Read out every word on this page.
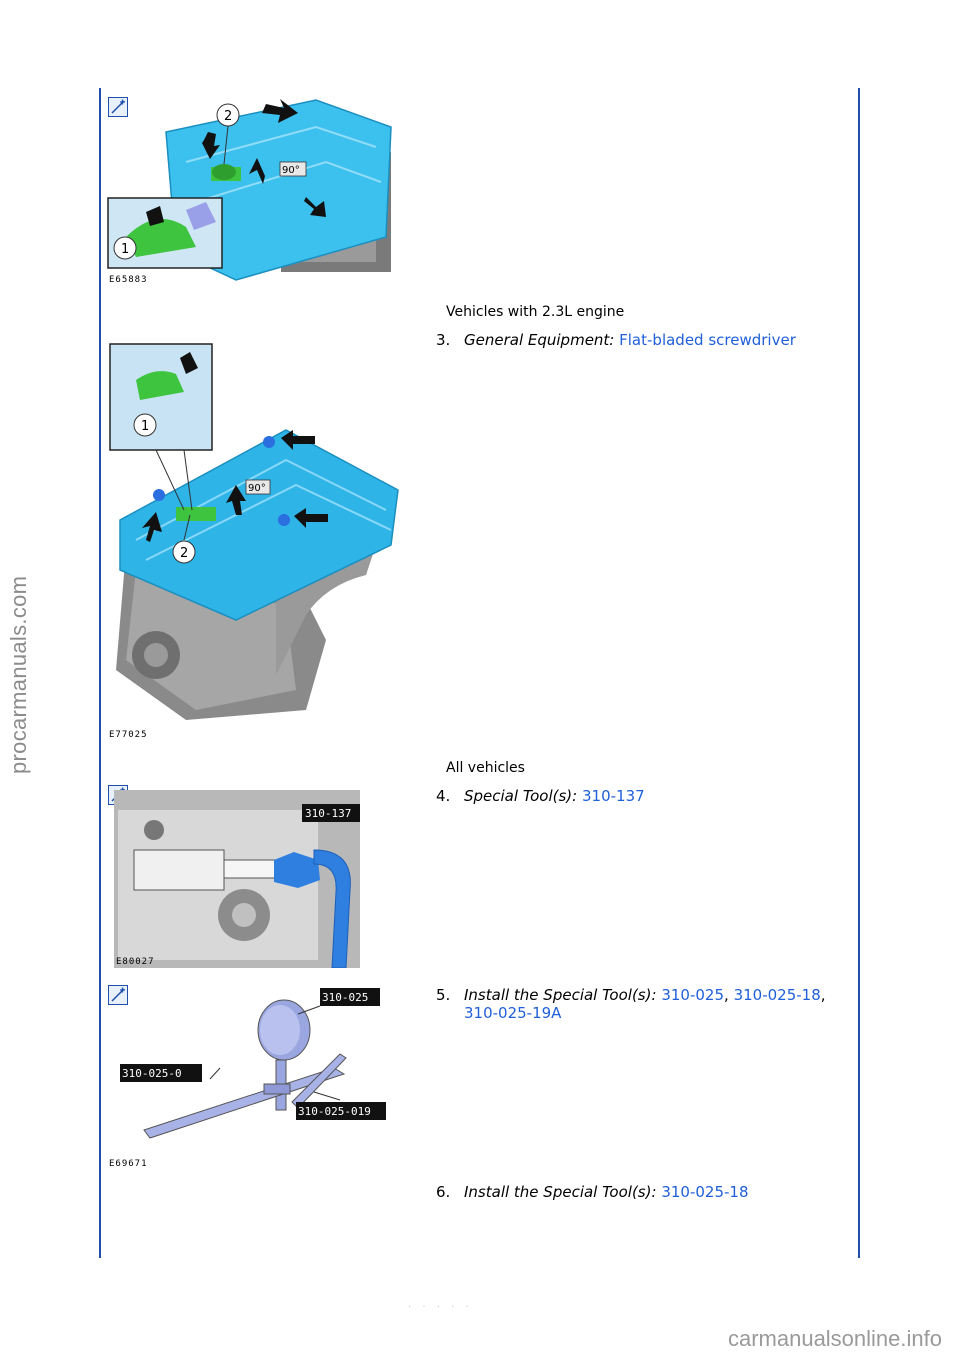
procarmanuals.com
carmanualsonline.info
· · · · ·
90°
2
1
E65883
Vehicles with 2.3L engine
3. General Equipment: Flat-bladed screwdriver
90°
1
2
E77025
All vehicles
310-137
E80027
4. Special Tool(s): 310-137
310-025
310-025-0
310-025-019
E69671
5. Install the Special Tool(s): 310-025, 310-025-18,
310-025-19A
6. Install the Special Tool(s): 310-025-18
